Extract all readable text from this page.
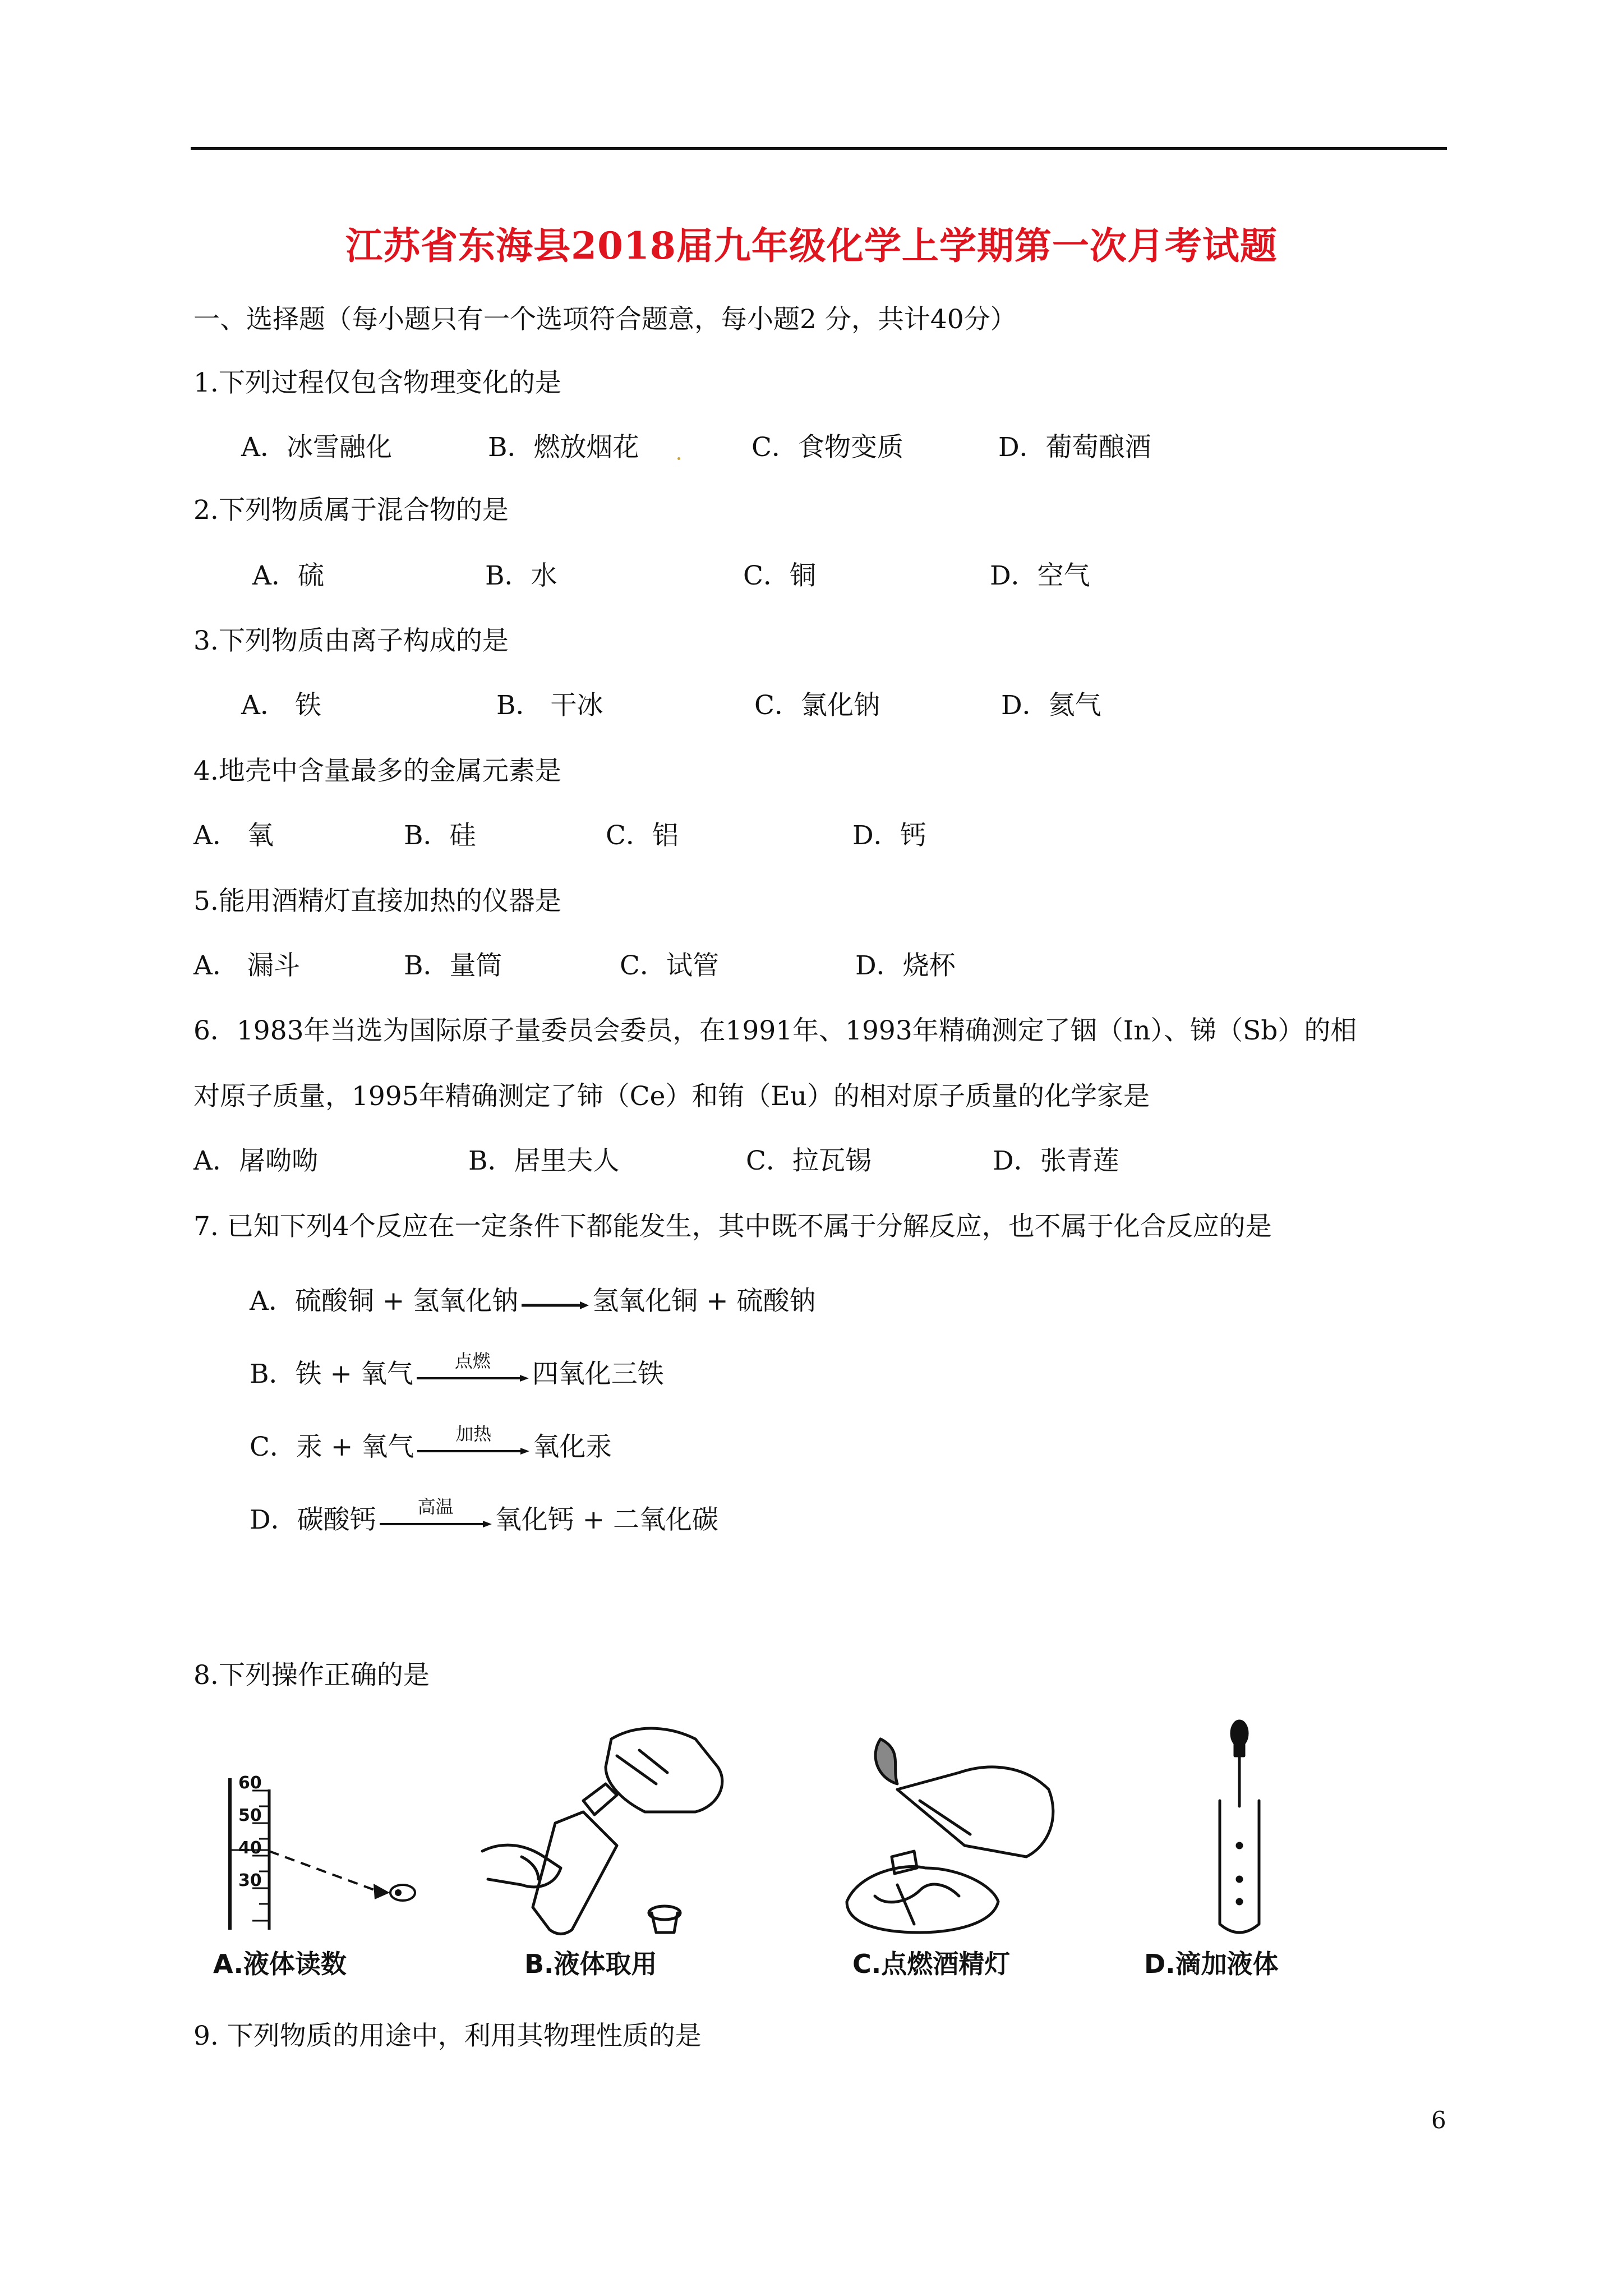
江苏省东海县2018届九年级化学上学期第一次月考试题
一、选择题（每小题只有一个选项符合题意，每小题2 分，共计40分）
1.下列过程仅包含物理变化的是
A．冰雪融化	B．燃放烟花	C．食物变质	D．葡萄酿酒
2.下列物质属于混合物的是
A．硫	B．水	C．铜	D．空气
3.下列物质由离子构成的是
A． 铁	B． 干冰	C．氯化钠	D．氦气
4.地壳中含量最多的金属元素是
A． 氧	B．硅	C．铝	D．钙
5.能用酒精灯直接加热的仪器是
A． 漏斗	B．量筒	C．试管	D．烧杯
6．1983年当选为国际原子量委员会委员，在1991年、1993年精确测定了铟（In）、锑（Sb）的相
对原子质量，1995年精确测定了铈（Ce）和铕（Eu）的相对原子质量的化学家是
A．屠呦呦	B．居里夫人	C．拉瓦锡	D．张青莲
7. 已知下列4个反应在一定条件下都能发生，其中既不属于分解反应，也不属于化合反应的是
A． 硫酸铜 + 氢氧化钠 → 氢氧化铜 + 硫酸钠
B． 铁 + 氧气	点燃	四氧化三铁
C． 汞 + 氧气	加热	氧化汞
D． 碳酸钙	高温	氧化钙 + 二氧化碳
8.下列操作正确的是
60
50
40
30
A.液体读数	B.液体取用	C.点燃酒精灯	D.滴加液体
9. 下列物质的用途中，利用其物理性质的是
6
